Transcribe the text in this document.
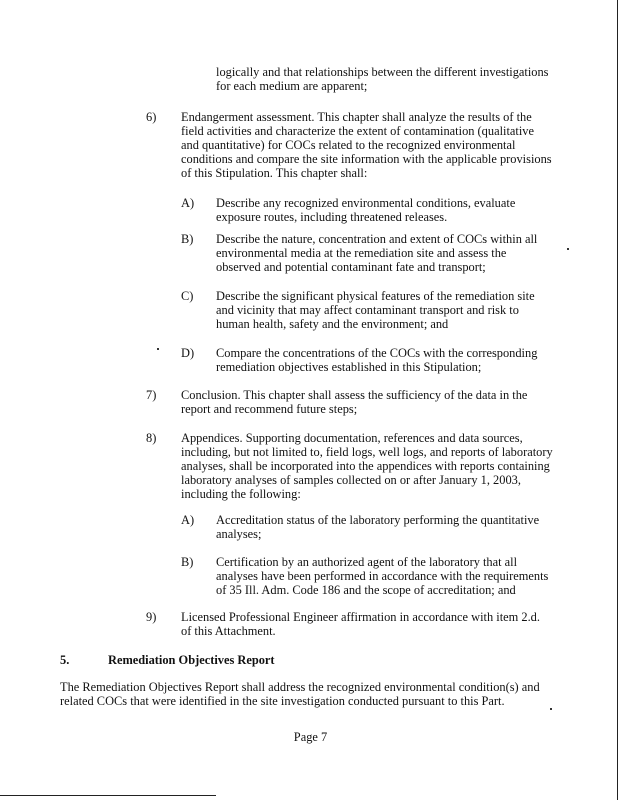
logically and that relationships between the different investigations
for each medium are apparent;
6) Endangerment assessment. This chapter shall analyze the results of the
field activities and characterize the extent of contamination (qualitative
and quantitative) for COCs related to the recognized environmental
conditions and compare the site information with the applicable provisions
of this Stipulation. This chapter shall:
A) Describe any recognized environmental conditions, evaluate
exposure routes, including threatened releases.
B) Describe the nature, concentration and extent of COCs within all
environmental media at the remediation site and assess the
observed and potential contaminant fate and transport;
C) Describe the significant physical features of the remediation site
and vicinity that may affect contaminant transport and risk to
human health, safety and the environment; and
D) Compare the concentrations of the COCs with the corresponding
remediation objectives established in this Stipulation;
7) Conclusion. This chapter shall assess the sufficiency of the data in the
report and recommend future steps;
8) Appendices. Supporting documentation, references and data sources,
including, but not limited to, field logs, well logs, and reports of laboratory
analyses, shall be incorporated into the appendices with reports containing
laboratory analyses of samples collected on or after January 1, 2003,
including the following:
A) Accreditation status of the laboratory performing the quantitative
analyses;
B) Certification by an authorized agent of the laboratory that all
analyses have been performed in accordance with the requirements
of 35 Ill. Adm. Code 186 and the scope of accreditation; and
9) Licensed Professional Engineer affirmation in accordance with item 2.d.
of this Attachment.
5.	Remediation Objectives Report
The Remediation Objectives Report shall address the recognized environmental condition(s) and
related COCs that were identified in the site investigation conducted pursuant to this Part.
Page 7
